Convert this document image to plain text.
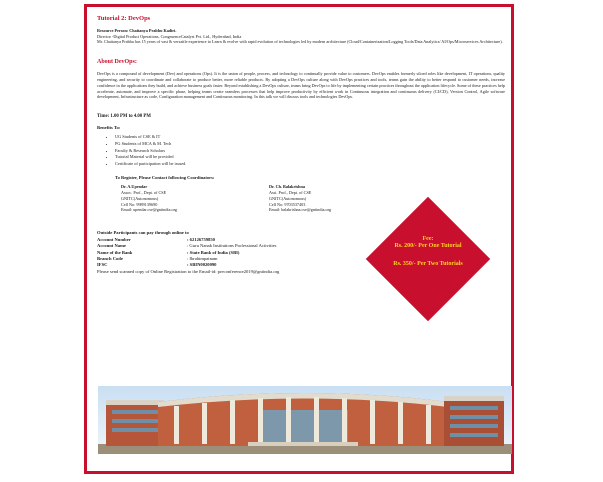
Tutorial 2: DevOps

Resource Person: Chaitanya Prabhu Kadiri.

Director -Digital Product Operations, CongruenceCatalyst Pvt. Ltd., Hyderabad, India

Mr. Chaitanya Prabhu has 15 years of vast & versatile experience to Learn & evolve with rapid evolution of technologies led by modern architecture (Cloud/Containerization/Logging Tools/Data Analytics/ AI/Ops/Microservices Architecture).

About DevOps:

DevOps is a compound of development (Dev) and operations (Ops). It is the union of people, process, and technology to continually provide value to customers. DevOps enables formerly siloed roles like development, IT operations, quality engineering, and security to coordinate and collaborate to produce better, more reliable products. By adopting a DevOps culture along with DevOps practices and tools, teams gain the ability to better respond to customer needs, increase confidence in the applications they build, and achieve business goals faster. Beyond establishing a DevOps culture, teams bring DevOps to life by implementing certain practices throughout the application lifecycle. Some of these practices help accelerate, automate, and improve a specific phase, helping teams create seamless processes that help improve productivity by efficient work in Continuous integration and continuous delivery (CI/CD), Version Control, Agile software development, Infrastructure as code, Configuration management and Continuous monitoring. In this talk we will discuss tools and technologies DevOps.

Time: 1.00 PM to 4.00 PM
Benefits To:
• UG Students of CSE & IT
• PG Students of MCA & M. Tech
• Faculty & Research Scholars
• Tutorial Material will be provided
• Certificate of participation will be issued.
To Register, Please Contact following Coordinators:
Dr. A.Upendar
Assoc. Prof., Dept. of CSE
GNITC(Autonomous)
Cell No: 9989139690
Email: upendar.cse@gniindia.org
Dr. Ch. Balakrishna
Asst. Prof., Dept. of CSE
GNITC(Autonomous)
Cell No: 9703537403
Email: balakrishna.cse@gniindia.org
Outside Participants can pay through online to
Account Number	: 62126759850
Account Name	: Guru Nanak Institutions Professional Activities
Name of the Bank	: State Bank of India (SBI)
Branch Code	: Ibrahimpatnam
IFSC	: SBIN0020090
Please send scanned copy of Online Registration to the Email-id: preconference2019@gniindia.org
Fee:
Rs. 200/- Per One Tutorial
Rs. 350/- Per Two Tutorials
